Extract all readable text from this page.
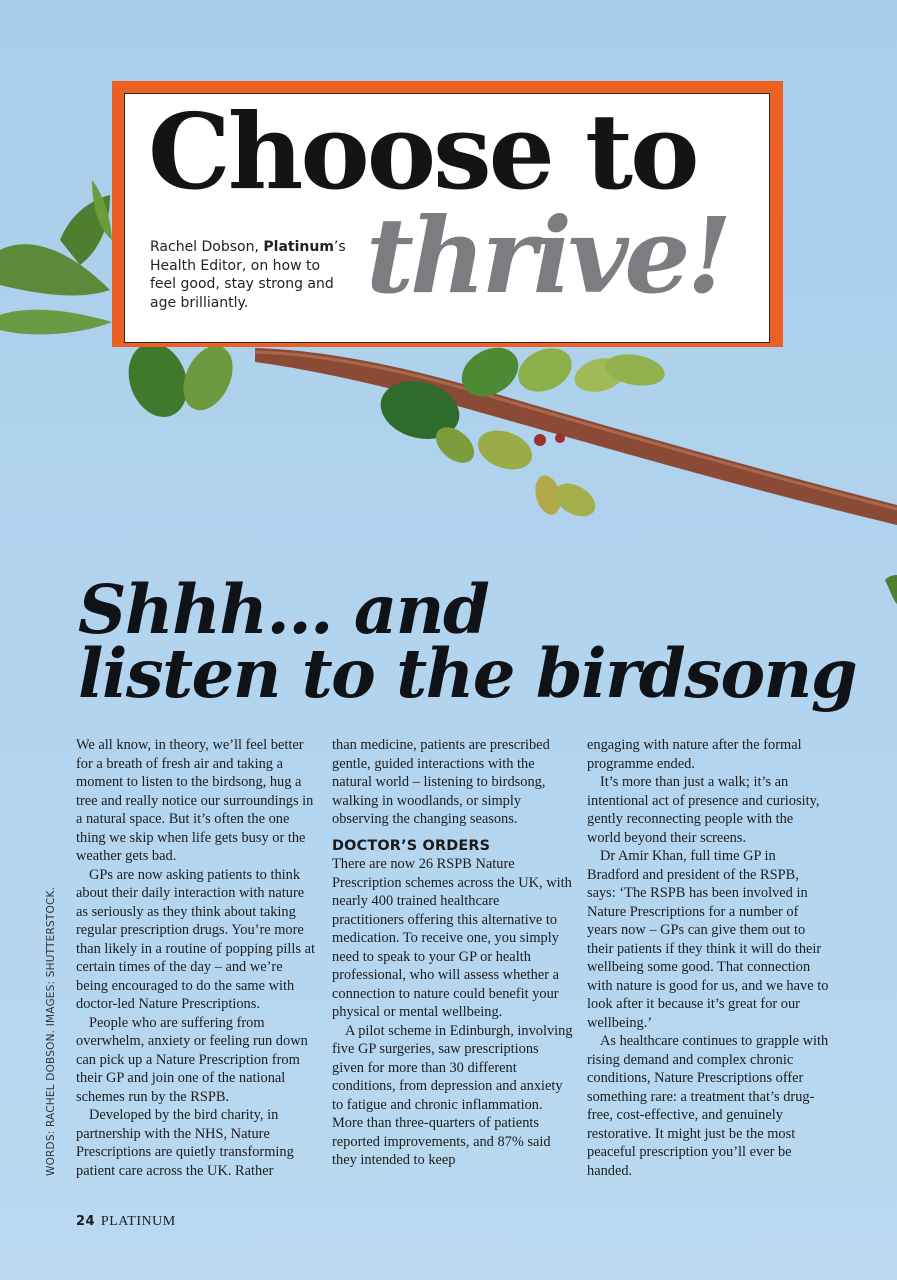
Choose to
thrive!
Rachel Dobson, Platinum’s Health Editor, on how to feel good, stay strong and age brilliantly.
Shhh... and
listen to the birdsong

We all know, in theory, we’ll feel better for a breath of fresh air and taking a moment to listen to the birdsong, hug a tree and really notice our surroundings in a natural space. But it’s often the one thing we skip when life gets busy or the weather gets bad.

GPs are now asking patients to think about their daily interaction with nature as seriously as they think about taking regular prescription drugs. You’re more than likely in a routine of popping pills at certain times of the day – and we’re being encouraged to do the same with doctor-led Nature Prescriptions.

People who are suffering from overwhelm, anxiety or feeling run down can pick up a Nature Prescription from their GP and join one of the national schemes run by the RSPB.

Developed by the bird charity, in partnership with the NHS, Nature Prescriptions are quietly transforming patient care across the UK. Rather

than medicine, patients are prescribed gentle, guided interactions with the natural world – listening to birdsong, walking in woodlands, or simply observing the changing seasons.

DOCTOR’S ORDERS

There are now 26 RSPB Nature Prescription schemes across the UK, with nearly 400 trained healthcare practitioners offering this alternative to medication. To receive one, you simply need to speak to your GP or health professional, who will assess whether a connection to nature could benefit your physical or mental wellbeing.

A pilot scheme in Edinburgh, involving five GP surgeries, saw prescriptions given for more than 30 different conditions, from depression and anxiety to fatigue and chronic inflammation. More than three-quarters of patients reported improvements, and 87% said they intended to keep

engaging with nature after the formal programme ended.

It’s more than just a walk; it’s an intentional act of presence and curiosity, gently reconnecting people with the world beyond their screens.

Dr Amir Khan, full time GP in Bradford and president of the RSPB, says: ‘The RSPB has been involved in Nature Prescriptions for a number of years now – GPs can give them out to their patients if they think it will do their wellbeing some good. That connection with nature is good for us, and we have to look after it because it’s great for our wellbeing.’

As healthcare continues to grapple with rising demand and complex chronic conditions, Nature Prescriptions offer something rare: a treatment that’s drug-free, cost-effective, and genuinely restorative. It might just be the most peaceful prescription you’ll ever be handed.

WORDS: RACHEL DOBSON. IMAGES: SHUTTERSTOCK.
24 PLATINUM
